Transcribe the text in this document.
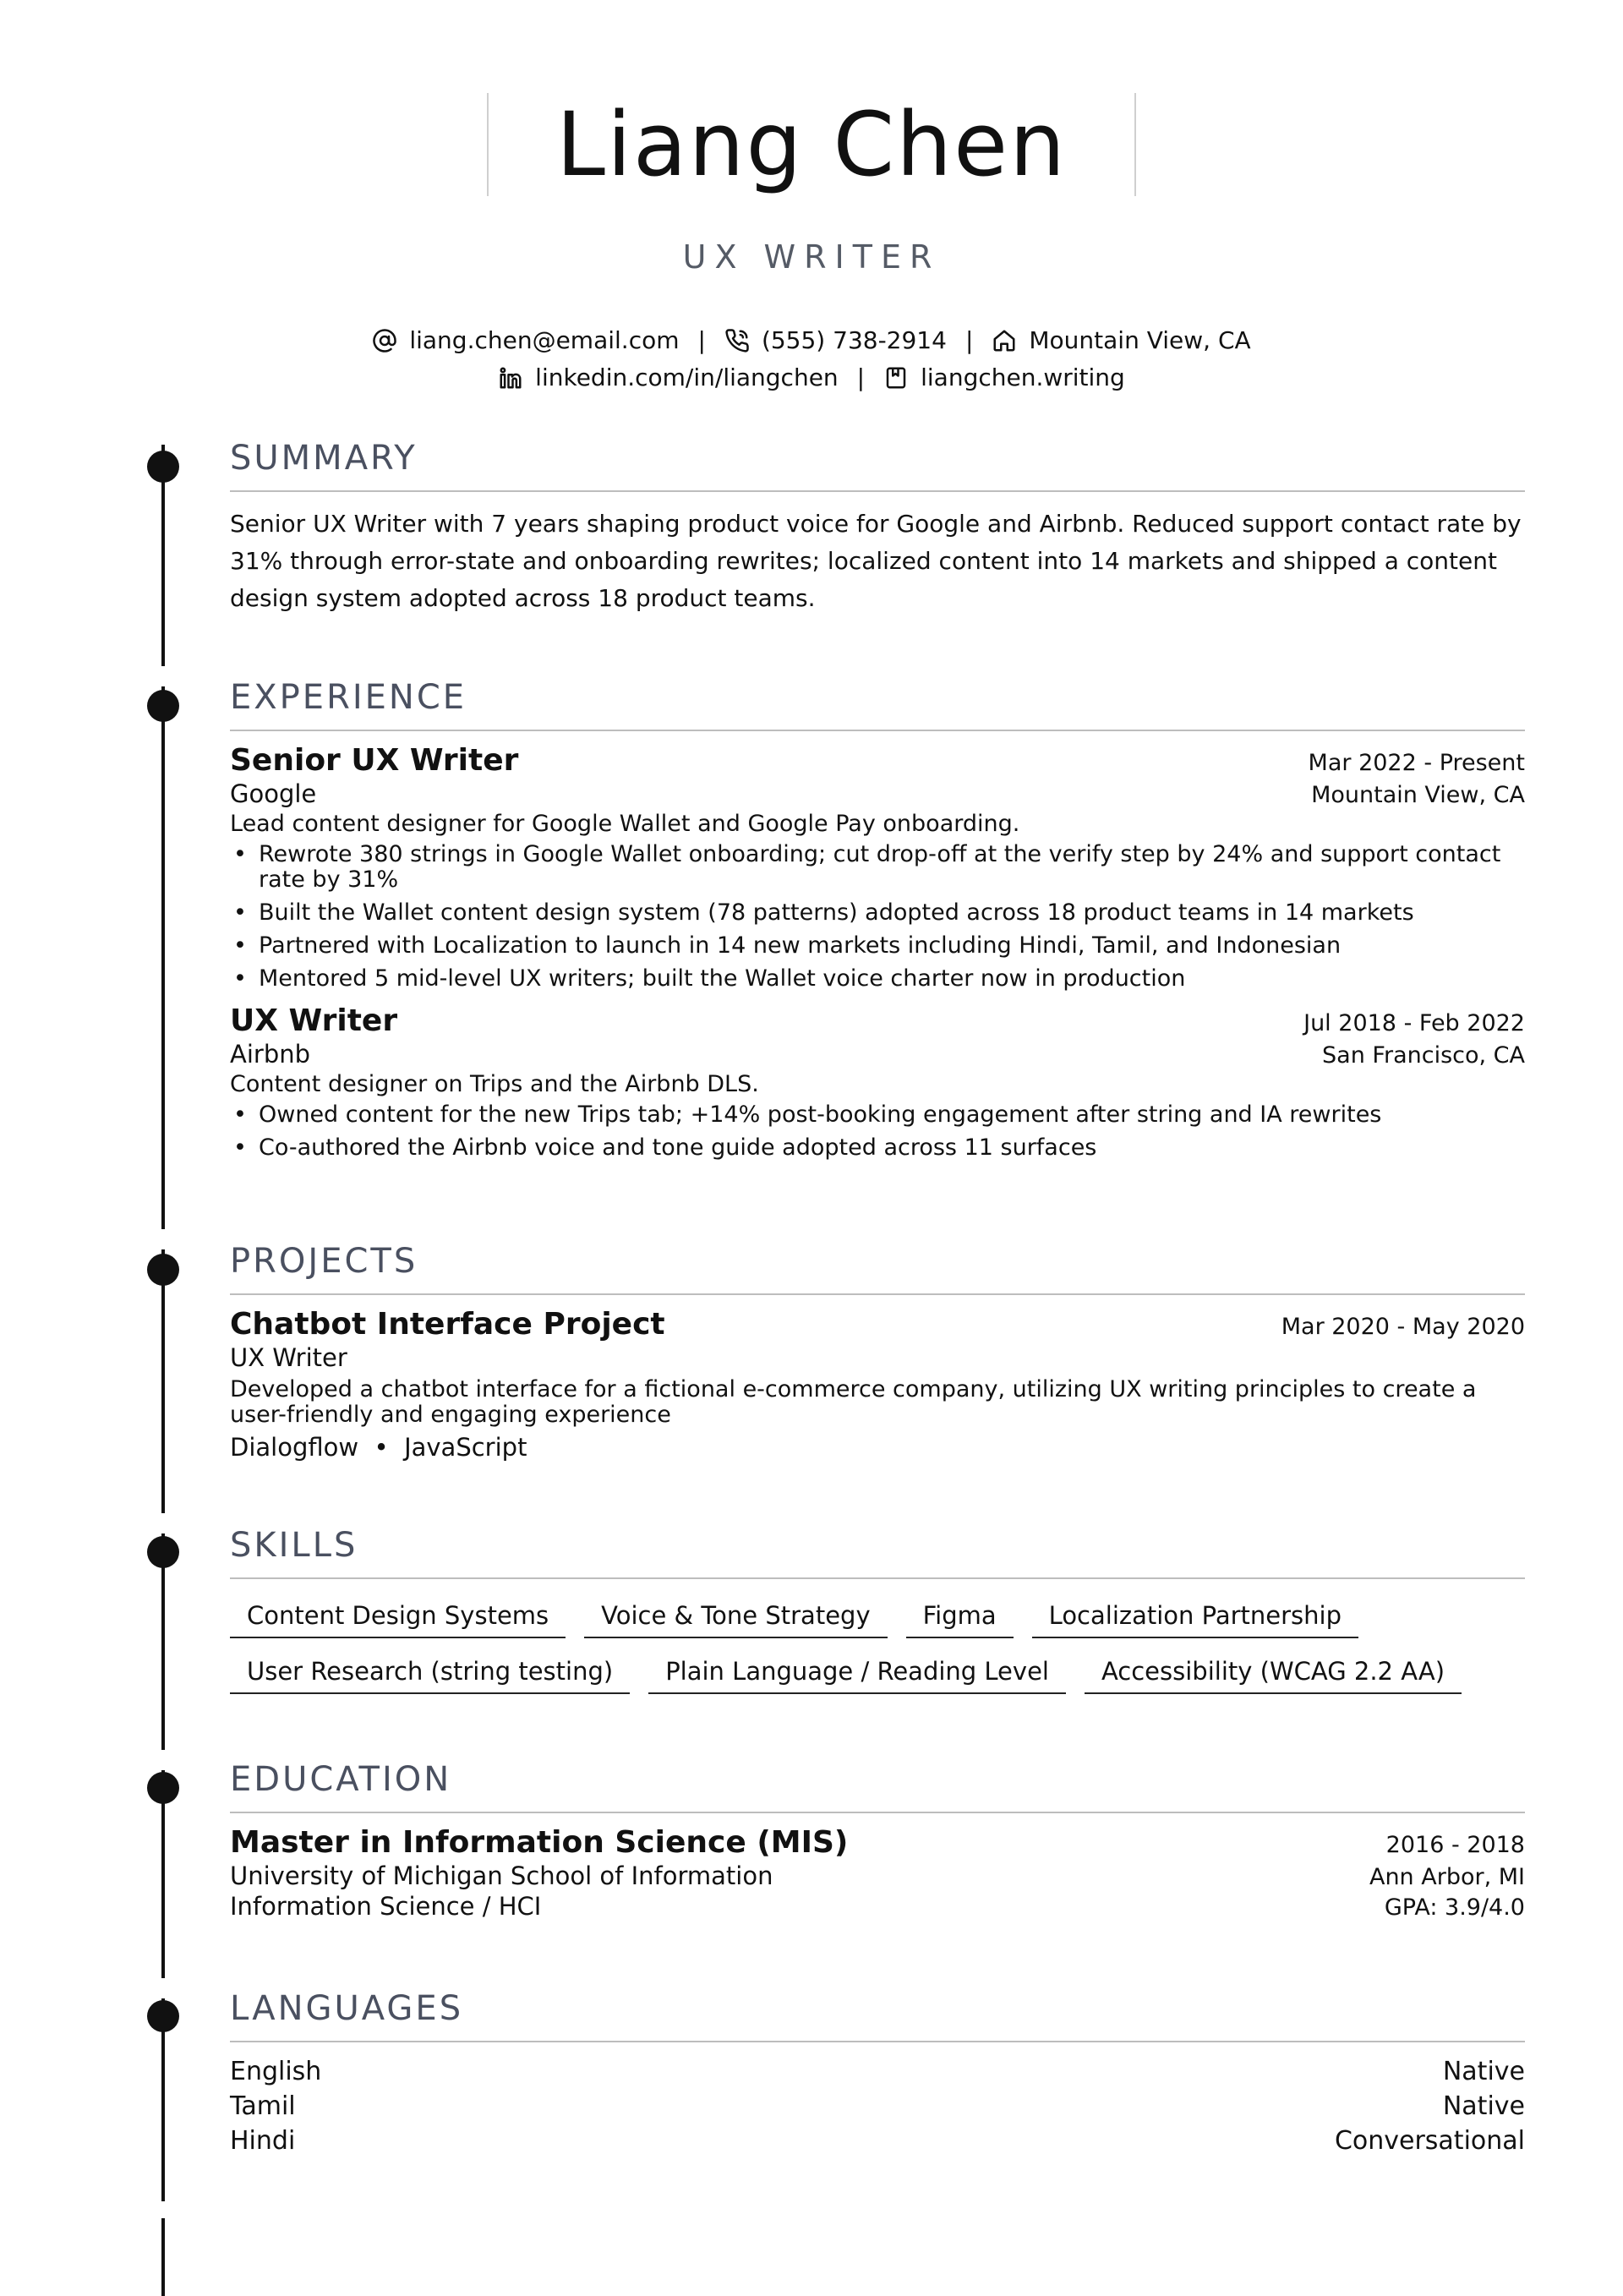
Liang Chen
UX WRITER
liang.chen@email.com | (555) 738-2914 | Mountain View, CA
linkedin.com/in/liangchen | liangchen.writing
SUMMARY
Senior UX Writer with 7 years shaping product voice for Google and Airbnb. Reduced support contact rate by 31% through error-state and onboarding rewrites; localized content into 14 markets and shipped a content design system adopted across 18 product teams.
EXPERIENCE
Senior UX Writer	Mar 2022 - Present
Google	Mountain View, CA
Lead content designer for Google Wallet and Google Pay onboarding.
• Rewrote 380 strings in Google Wallet onboarding; cut drop-off at the verify step by 24% and support contact rate by 31%
• Built the Wallet content design system (78 patterns) adopted across 18 product teams in 14 markets
• Partnered with Localization to launch in 14 new markets including Hindi, Tamil, and Indonesian
• Mentored 5 mid-level UX writers; built the Wallet voice charter now in production
UX Writer	Jul 2018 - Feb 2022
Airbnb	San Francisco, CA
Content designer on Trips and the Airbnb DLS.
• Owned content for the new Trips tab; +14% post-booking engagement after string and IA rewrites
• Co-authored the Airbnb voice and tone guide adopted across 11 surfaces
PROJECTS
Chatbot Interface Project	Mar 2020 - May 2020
UX Writer
Developed a chatbot interface for a fictional e-commerce company, utilizing UX writing principles to create a user-friendly and engaging experience
Dialogflow  •  JavaScript
SKILLS
Content Design Systems	Voice & Tone Strategy	Figma	Localization Partnership
User Research (string testing)	Plain Language / Reading Level	Accessibility (WCAG 2.2 AA)
EDUCATION
Master in Information Science (MIS)	2016 - 2018
University of Michigan School of Information	Ann Arbor, MI
Information Science / HCI	GPA: 3.9/4.0
LANGUAGES
English	Native
Tamil	Native
Hindi	Conversational
